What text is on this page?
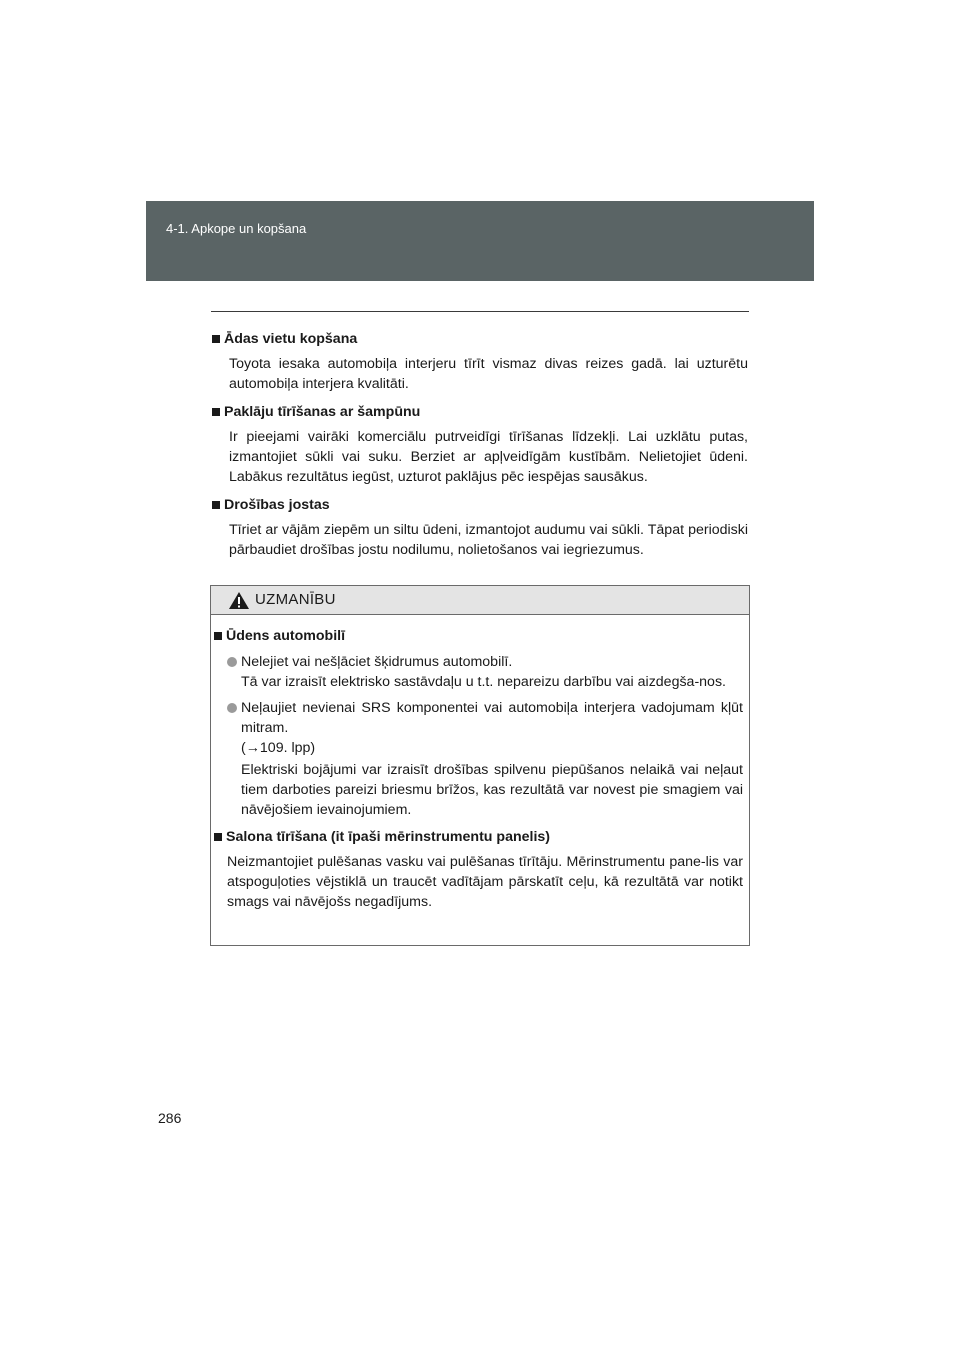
4-1. Apkope un kopšana
Ādas vietu kopšana
Toyota iesaka automobiļa interjeru tīrīt vismaz divas reizes gadā. lai uzturētu automobiļa interjera kvalitāti.
Paklāju tīrīšanas ar šampūnu
Ir pieejami vairāki komerciālu putrveidīgi tīrīšanas līdzekļi. Lai uzklātu putas, izmantojiet sūkli vai suku. Berziet ar apļveidīgām kustībām. Nelietojiet ūdeni. Labākus rezultātus iegūst, uzturot paklājus pēc iespējas sausākus.
Drošības jostas
Tīriet ar vājām ziepēm un siltu ūdeni, izmantojot audumu vai sūkli. Tāpat periodiski pārbaudiet drošības jostu nodilumu, nolietošanos vai iegriezumus.
UZMANĪBU
Ūdens automobilī
Nelejiet vai nešļāciet šķidrumus automobilī.
Tā var izraisīt elektrisko sastāvdaļu u t.t. nepareizu darbību vai aizdegša-nos.
Neļaujiet nevienai SRS komponentei vai automobiļa interjera vadojumam kļūt mitram.
(→109. lpp)
Elektriski bojājumi var izraisīt drošības spilvenu piepūšanos nelaikā vai neļaut tiem darboties pareizi briesmu brīžos, kas rezultātā var novest pie smagiem vai nāvējošiem ievainojumiem.
Salona tīrīšana (it īpaši mērinstrumentu panelis)
Neizmantojiet pulēšanas vasku vai pulēšanas tīrītāju. Mērinstrumentu pane-lis var atspoguļoties vējstiklā un traucēt vadītājam pārskatīt ceļu, kā rezultātā var notikt smags vai nāvējošs negadījums.
286
